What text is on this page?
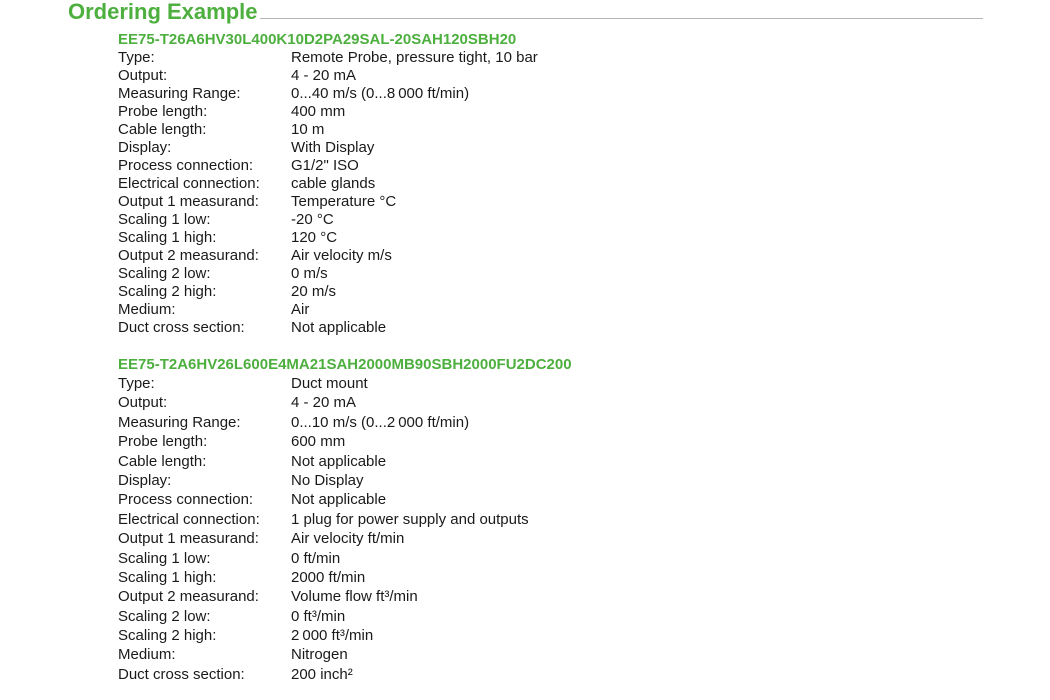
Ordering Example
EE75-T26A6HV30L400K10D2PA29SAL-20SAH120SBH20
Type:	Remote Probe, pressure tight, 10 bar
Output:	4 - 20 mA
Measuring Range:	0...40 m/s (0...8 000 ft/min)
Probe length:	400 mm
Cable length:	10 m
Display:	With Display
Process connection:	G1/2" ISO
Electrical connection:	cable glands
Output 1 measurand:	Temperature °C
Scaling 1 low:	-20 °C
Scaling 1 high:	120 °C
Output 2 measurand:	Air velocity m/s
Scaling 2 low:	0 m/s
Scaling 2 high:	20 m/s
Medium:	Air
Duct cross section:	Not applicable
EE75-T2A6HV26L600E4MA21SAH2000MB90SBH2000FU2DC200
Type:	Duct mount
Output:	4 - 20 mA
Measuring Range:	0...10 m/s (0...2 000 ft/min)
Probe length:	600 mm
Cable length:	Not applicable
Display:	No Display
Process connection:	Not applicable
Electrical connection:	1 plug for power supply and outputs
Output 1 measurand:	Air velocity ft/min
Scaling 1 low:	0 ft/min
Scaling 1 high:	2000 ft/min
Output 2 measurand:	Volume flow ft³/min
Scaling 2 low:	0 ft³/min
Scaling 2 high:	2 000 ft³/min
Medium:	Nitrogen
Duct cross section:	200 inch²
